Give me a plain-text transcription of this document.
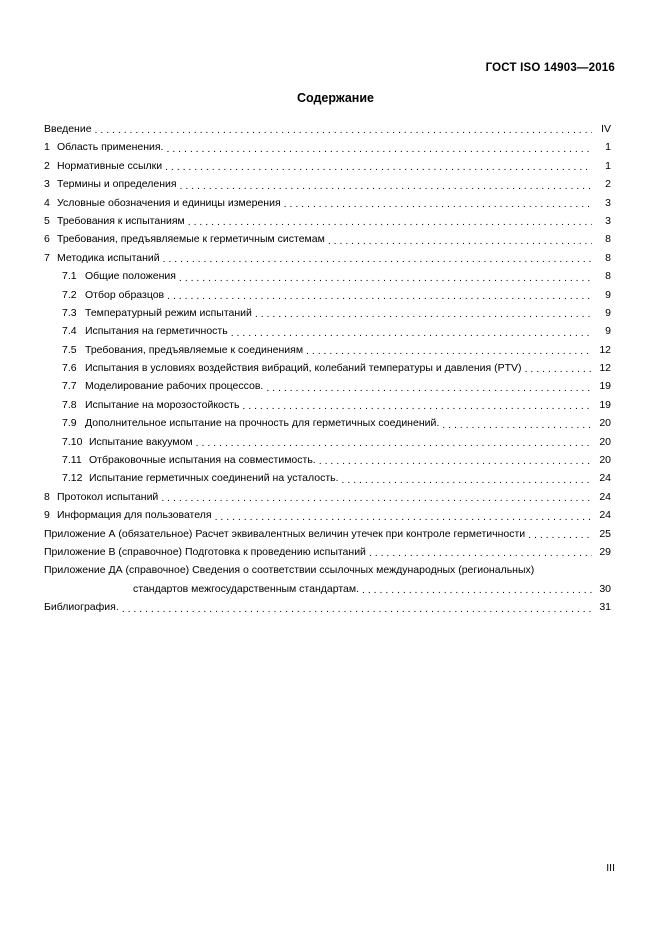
ГОСТ ISO 14903—2016
Содержание
Введение . . .	IV
1 Область применения. . . .	1
2 Нормативные ссылки . . .	1
3 Термины и определения . . .	2
4 Условные обозначения и единицы измерения . . .	3
5 Требования к испытаниям . . .	3
6 Требования, предъявляемые к герметичным системам . . .	8
7 Методика испытаний . . .	8
7.1 Общие положения . . .	8
7.2 Отбор образцов . . .	9
7.3 Температурный режим испытаний . . .	9
7.4 Испытания на герметичность . . .	9
7.5 Требования, предъявляемые к соединениям . . .	12
7.6 Испытания в условиях воздействия вибраций, колебаний температуры и давления (PTV) . . .	12
7.7 Моделирование рабочих процессов. . . .	19
7.8 Испытание на морозостойкость . . .	19
7.9 Дополнительное испытание на прочность для герметичных соединений. . . .	20
7.10 Испытание вакуумом . . .	20
7.11 Отбраковочные испытания на совместимость. . . .	20
7.12 Испытание герметичных соединений на усталость. . . .	24
8 Протокол испытаний . . .	24
9 Информация для пользователя . . .	24
Приложение А (обязательное) Расчет эквивалентных величин утечек при контроле герметичности . . .	25
Приложение В (справочное) Подготовка к проведению испытаний . . .	29
Приложение ДА (справочное) Сведения о соответствии ссылочных международных (региональных)
стандартов межгосударственным стандартам. . . .	30
Библиография. . . .	31
III
